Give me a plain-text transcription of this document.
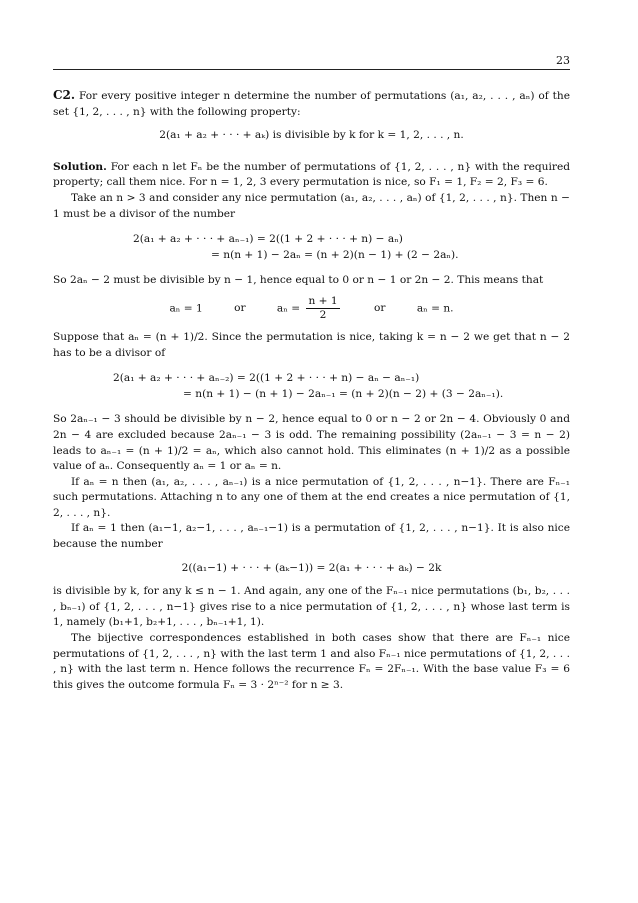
23

C2. For every positive integer n determine the number of permutations (a₁, a₂, . . . , aₙ) of the set {1, 2, . . . , n} with the following property:

2(a₁ + a₂ + · · · + aₖ) is divisible by k for k = 1, 2, . . . , n.

Solution. For each n let Fₙ be the number of permutations of {1, 2, . . . , n} with the required property; call them nice. For n = 1, 2, 3 every permutation is nice, so F₁ = 1, F₂ = 2, F₃ = 6.

Take an n > 3 and consider any nice permutation (a₁, a₂, . . . , aₙ) of {1, 2, . . . , n}. Then n − 1 must be a divisor of the number

2(a₁ + a₂ + · · · + aₙ₋₁) = 2((1 + 2 + · · · + n) − aₙ)
= n(n + 1) − 2aₙ = (n + 2)(n − 1) + (2 − 2aₙ).

So 2aₙ − 2 must be divisible by n − 1, hence equal to 0 or n − 1 or 2n − 2. This means that

aₙ = 1	or	$a_n = \frac{n + 1}{2}$	or	aₙ = n.

Suppose that aₙ = (n + 1)/2. Since the permutation is nice, taking k = n − 2 we get that n − 2 has to be a divisor of

2(a₁ + a₂ + · · · + aₙ₋₂) = 2((1 + 2 + · · · + n) − aₙ − aₙ₋₁)
= n(n + 1) − (n + 1) − 2aₙ₋₁ = (n + 2)(n − 2) + (3 − 2aₙ₋₁).

So 2aₙ₋₁ − 3 should be divisible by n − 2, hence equal to 0 or n − 2 or 2n − 4. Obviously 0 and 2n − 4 are excluded because 2aₙ₋₁ − 3 is odd. The remaining possibility (2aₙ₋₁ − 3 = n − 2) leads to aₙ₋₁ = (n + 1)/2 = aₙ, which also cannot hold. This eliminates (n + 1)/2 as a possible value of aₙ. Consequently aₙ = 1 or aₙ = n.

If aₙ = n then (a₁, a₂, . . . , aₙ₋₁) is a nice permutation of {1, 2, . . . , n−1}. There are Fₙ₋₁ such permutations. Attaching n to any one of them at the end creates a nice permutation of {1, 2, . . . , n}.

If aₙ = 1 then (a₁−1, a₂−1, . . . , aₙ₋₁−1) is a permutation of {1, 2, . . . , n−1}. It is also nice because the number

2((a₁−1) + · · · + (aₖ−1)) = 2(a₁ + · · · + aₖ) − 2k

is divisible by k, for any k ≤ n − 1. And again, any one of the Fₙ₋₁ nice permutations (b₁, b₂, . . . , bₙ₋₁) of {1, 2, . . . , n−1} gives rise to a nice permutation of {1, 2, . . . , n} whose last term is 1, namely (b₁+1, b₂+1, . . . , bₙ₋₁+1, 1).

The bijective correspondences established in both cases show that there are Fₙ₋₁ nice permutations of {1, 2, . . . , n} with the last term 1 and also Fₙ₋₁ nice permutations of {1, 2, . . . , n} with the last term n. Hence follows the recurrence Fₙ = 2Fₙ₋₁. With the base value F₃ = 6 this gives the outcome formula Fₙ = 3 · 2ⁿ⁻² for n ≥ 3.
